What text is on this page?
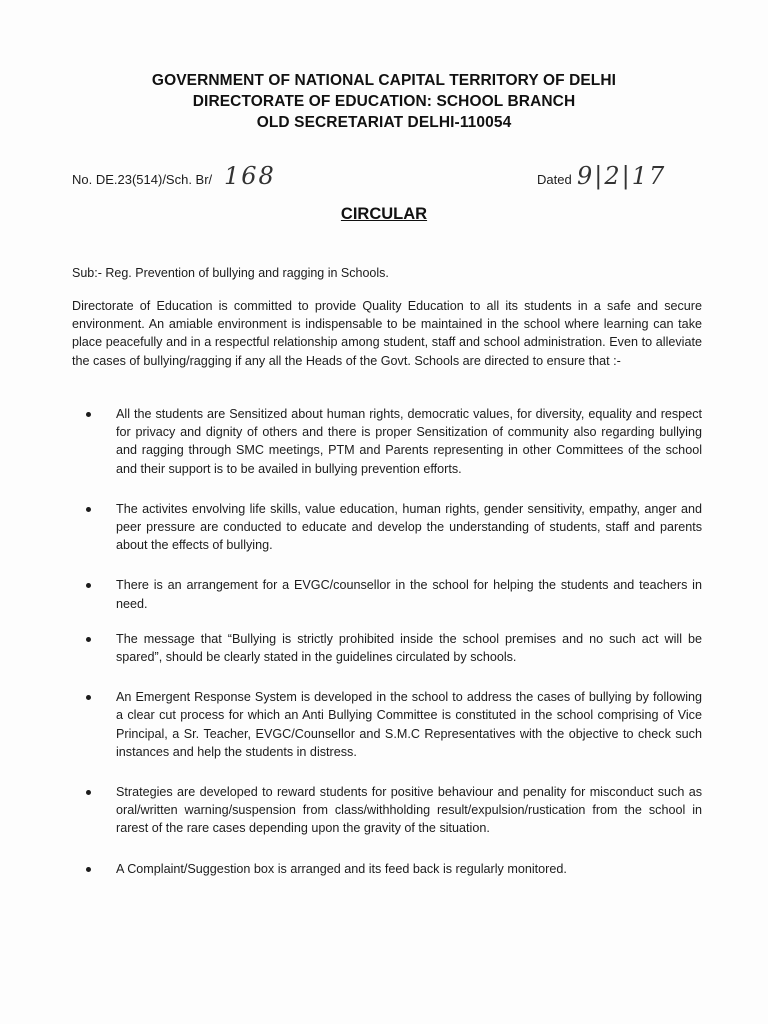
GOVERNMENT OF NATIONAL CAPITAL TERRITORY OF DELHI
DIRECTORATE OF EDUCATION: SCHOOL BRANCH
OLD SECRETARIAT DELHI-110054
No. DE.23(514)/Sch. Br/ 168	Dated 9|2|17
CIRCULAR
Sub:- Reg. Prevention of bullying and ragging in Schools.
Directorate of Education is committed to provide Quality Education to all its students in a safe and secure environment. An amiable environment is indispensable to be maintained in the school where learning can take place peacefully and in a respectful relationship among student, staff and school administration. Even to alleviate the cases of bullying/ragging if any all the Heads of the Govt. Schools are directed to ensure that :-
All the students are Sensitized about human rights, democratic values, for diversity, equality and respect for privacy and dignity of others and there is proper Sensitization of community also regarding bullying and ragging through SMC meetings, PTM and Parents representing in other Committees of the school and their support is to be availed in bullying prevention efforts.
The activites envolving life skills, value education, human rights, gender sensitivity, empathy, anger and peer pressure are conducted to educate and develop the understanding of students, staff and parents about the effects of bullying.
There is an arrangement for a EVGC/counsellor in the school for helping the students and teachers in need.
The message that “Bullying is strictly prohibited inside the school premises and no such act will be spared”, should be clearly stated in the guidelines circulated by schools.
An Emergent Response System is developed in the school to address the cases of bullying by following a clear cut process for which an Anti Bullying Committee is constituted in the school comprising of Vice Principal, a Sr. Teacher, EVGC/Counsellor and S.M.C Representatives with the objective to check such instances and help the students in distress.
Strategies are developed to reward students for positive behaviour and penality for misconduct such as oral/written warning/suspension from class/withholding result/expulsion/rustication from the school in rarest of the rare cases depending upon the gravity of the situation.
A Complaint/Suggestion box is arranged and its feed back is regularly monitored.
